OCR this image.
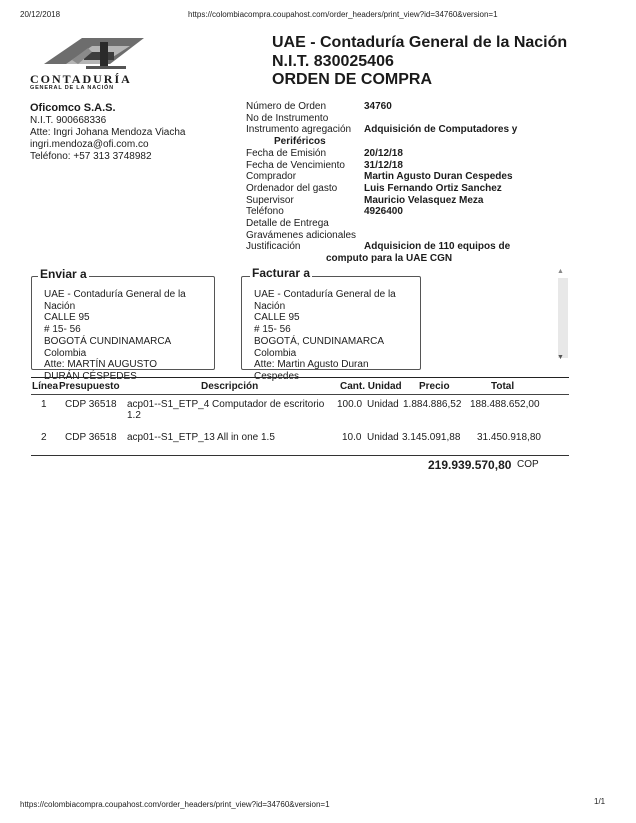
20/12/2018	https://colombiacompra.coupahost.com/order_headers/print_view?id=34760&version=1
CONTADURÍA
GENERAL DE LA NACIÓN
UAE - Contaduría General de la Nación
N.I.T. 830025406
ORDEN DE COMPRA
Oficomco S.A.S.
N.I.T. 900668336
Atte: Ingri Johana Mendoza Viacha
ingri.mendoza@ofi.com.co
Teléfono: +57 313 3748982
Número de Orden	34760
No de Instrumento
Instrumento agregación Adquisición de Computadores y
Periféricos
Fecha de Emisión	20/12/18
Fecha de Vencimiento 31/12/18
Comprador	Martin Agusto Duran Cespedes
Ordenador del gasto	Luis Fernando Ortiz Sanchez
Supervisor	Mauricio Velasquez Meza
Teléfono	4926400
Detalle de Entrega
Gravámenes adicionales
Justificación	Adquisicion de 110 equipos de
computo para la UAE CGN
UAE - Contaduría General de la
Nación
CALLE 95
# 15- 56
BOGOTÁ CUNDINAMARCA
Colombia
Atte: MARTÍN AUGUSTO
Enviar a
UAE - Contaduría General de la
Nación
CALLE 95
# 15- 56
BOGOTÁ, CUNDINAMARCA
Colombia
Atte: Martin Agusto Duran
Facturar a	▲
▼
Línea Presupuesto	Descripción	Cant. Unidad Precio	Total
1 CDP 36518 acp01--S1_ETP_4 Computador de escritorio
1.2
100.0 Unidad 1.884.886,52 188.488.652,00
2 CDP 36518 acp01--S1_ETP_13 All in one 1.5	10.0 Unidad 3.145.091,88 31.450.918,80
219.939.570,80 COP
https://colombiacompra.coupahost.com/order_headers/print_view?id=34760&version=1	1/1
